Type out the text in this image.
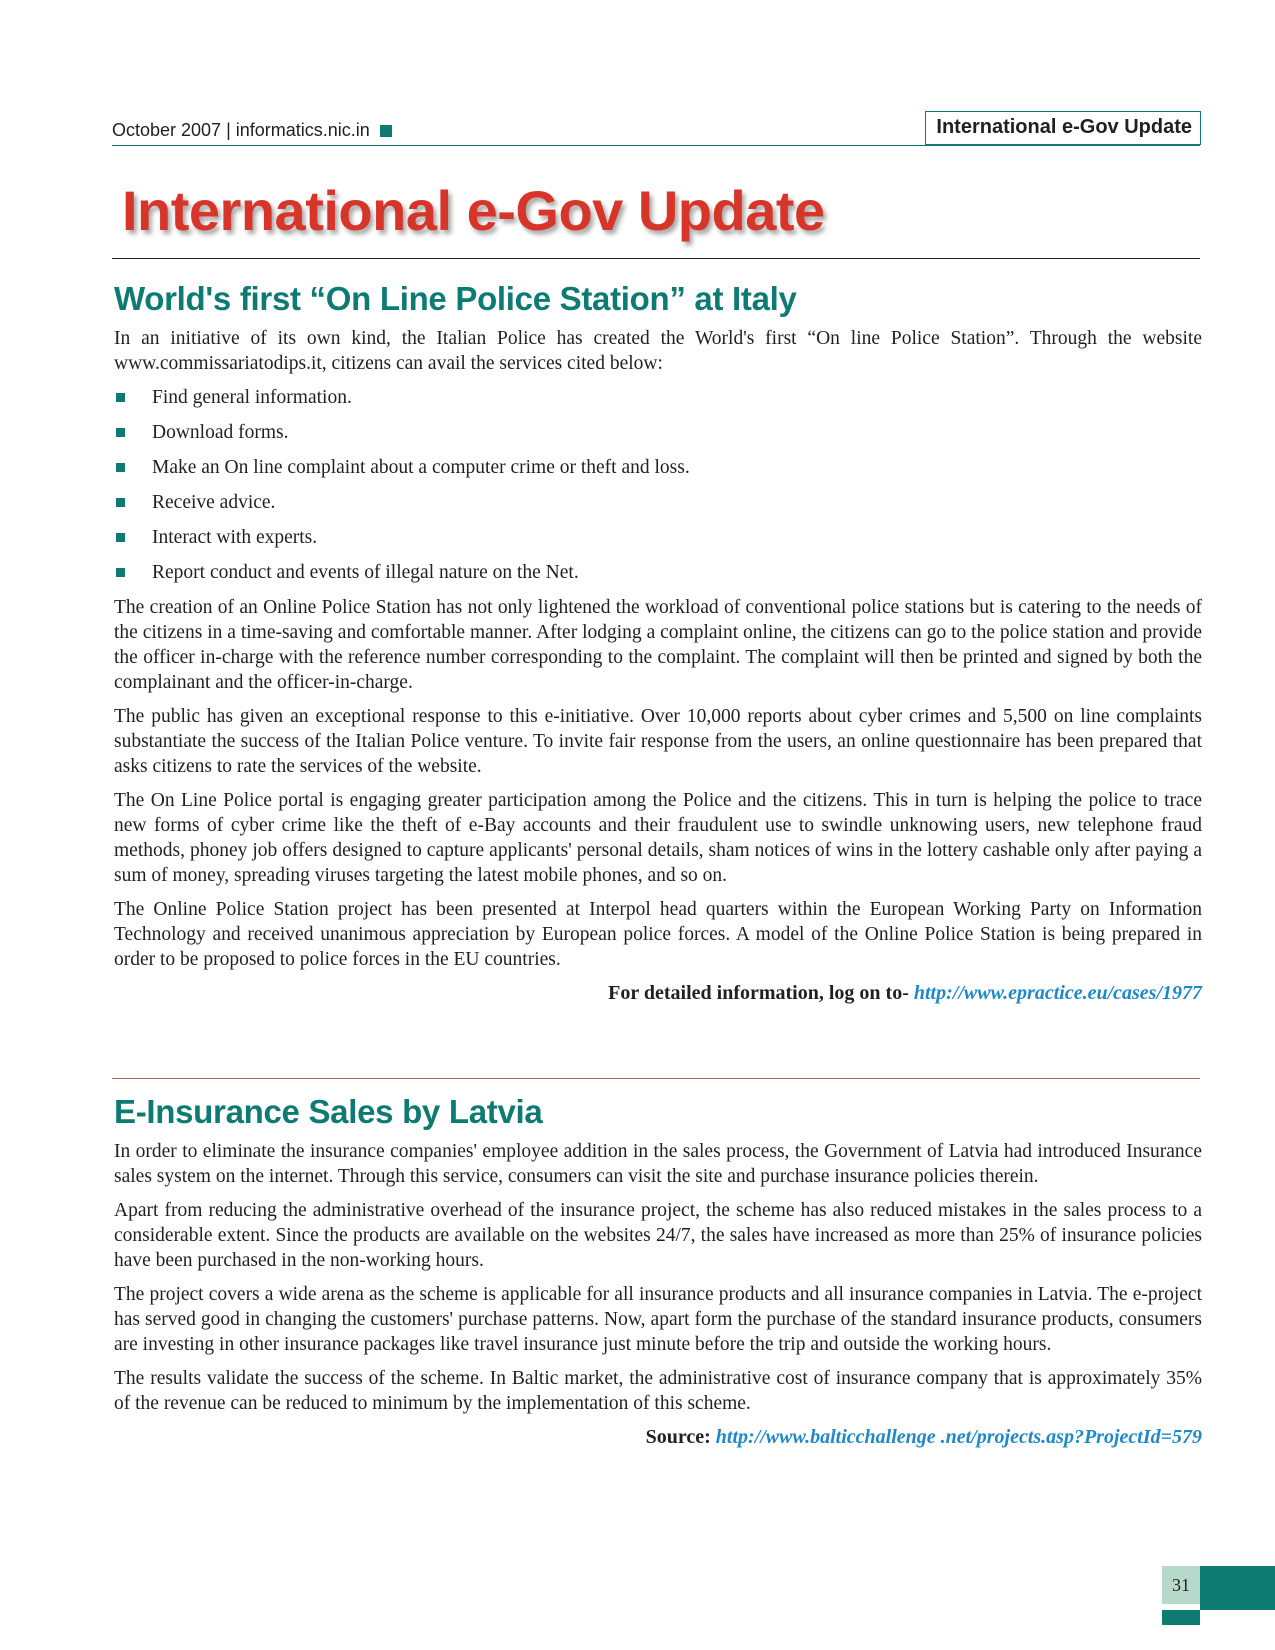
October 2007 | informatics.nic.in	International e-Gov Update
International e-Gov Update
World's first “On Line Police Station” at Italy

In an initiative of its own kind, the Italian Police has created the World's first “On line Police Station”. Through the website www.commissariatodips.it, citizens can avail the services cited below:

Find general information.
Download forms.
Make an On line complaint about a computer crime or theft and loss.
Receive advice.
Interact with experts.
Report conduct and events of illegal nature on the Net.

The creation of an Online Police Station has not only lightened the workload of conventional police stations but is catering to the needs of the citizens in a time-saving and comfortable manner. After lodging a complaint online, the citizens can go to the police station and provide the officer in-charge with the reference number corresponding to the complaint. The complaint will then be printed and signed by both the complainant and the officer-in-charge.

The public has given an exceptional response to this e-initiative. Over 10,000 reports about cyber crimes and 5,500 on line complaints substantiate the success of the Italian Police venture. To invite fair response from the users, an online questionnaire has been prepared that asks citizens to rate the services of the website.

The On Line Police portal is engaging greater participation among the Police and the citizens. This in turn is helping the police to trace new forms of cyber crime like the theft of e-Bay accounts and their fraudulent use to swindle unknowing users, new telephone fraud methods, phoney job offers designed to capture applicants' personal details, sham notices of wins in the lottery cashable only after paying a sum of money, spreading viruses targeting the latest mobile phones, and so on.

The Online Police Station project has been presented at Interpol head quarters within the European Working Party on Information Technology and received unanimous appreciation by European police forces. A model of the Online Police Station is being prepared in order to be proposed to police forces in the EU countries.

For detailed information, log on to- http://www.epractice.eu/cases/1977
E-Insurance Sales by Latvia

In order to eliminate the insurance companies' employee addition in the sales process, the Government of Latvia had introduced Insurance sales system on the internet. Through this service, consumers can visit the site and purchase insurance policies therein.

Apart from reducing the administrative overhead of the insurance project, the scheme has also reduced mistakes in the sales process to a considerable extent. Since the products are available on the websites 24/7, the sales have increased as more than 25% of insurance policies have been purchased in the non-working hours.

The project covers a wide arena as the scheme is applicable for all insurance products and all insurance companies in Latvia. The e-project has served good in changing the customers' purchase patterns. Now, apart form the purchase of the standard insurance products, consumers are investing in other insurance packages like travel insurance just minute before the trip and outside the working hours.

The results validate the success of the scheme. In Baltic market, the administrative cost of insurance company that is approximately 35% of the revenue can be reduced to minimum by the implementation of this scheme.

Source: http://www.balticchallenge .net/projects.asp?ProjectId=579
31
